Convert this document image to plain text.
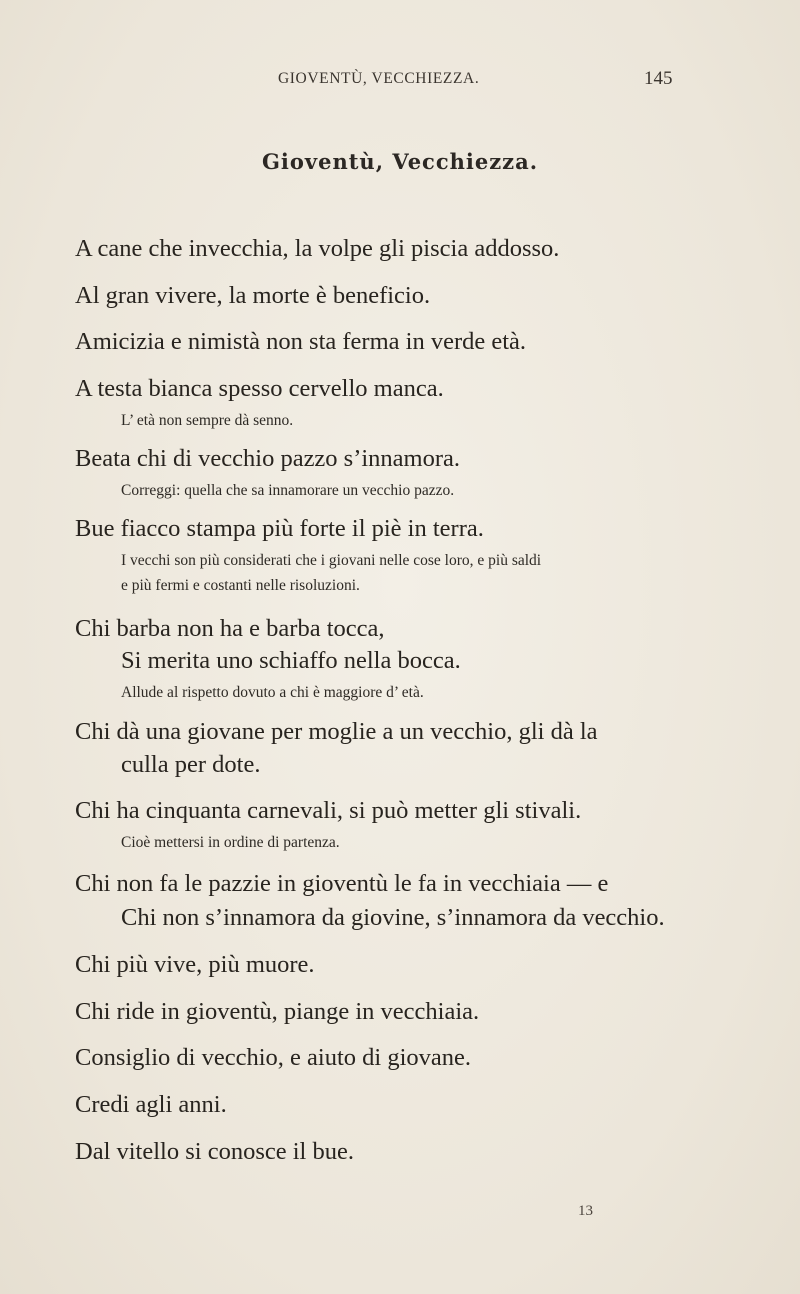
GIOVENTÙ, VECCHIEZZA.	145
Gioventù, Vecchiezza.
A cane che invecchia, la volpe gli piscia addosso.
Al gran vivere, la morte è beneficio.
Amicizia e nimistà non sta ferma in verde età.
A testa bianca spesso cervello manca.
L’ età non sempre dà senno.
Beata chi di vecchio pazzo s’innamora.
Correggi: quella che sa innamorare un vecchio pazzo.
Bue fiacco stampa più forte il piè in terra.
I vecchi son più considerati che i giovani nelle cose loro, e più saldi
e più fermi e costanti nelle risoluzioni.
Chi barba non ha e barba tocca,
Si merita uno schiaffo nella bocca.
Allude al rispetto dovuto a chi è maggiore d’ età.
Chi dà una giovane per moglie a un vecchio, gli dà la
culla per dote.
Chi ha cinquanta carnevali, si può metter gli stivali.
Cioè mettersi in ordine di partenza.
Chi non fa le pazzie in gioventù le fa in vecchiaia — e
Chi non s’innamora da giovine, s’innamora da vecchio.
Chi più vive, più muore.
Chi ride in gioventù, piange in vecchiaia.
Consiglio di vecchio, e aiuto di giovane.
Credi agli anni.
Dal vitello si conosce il bue.
13
